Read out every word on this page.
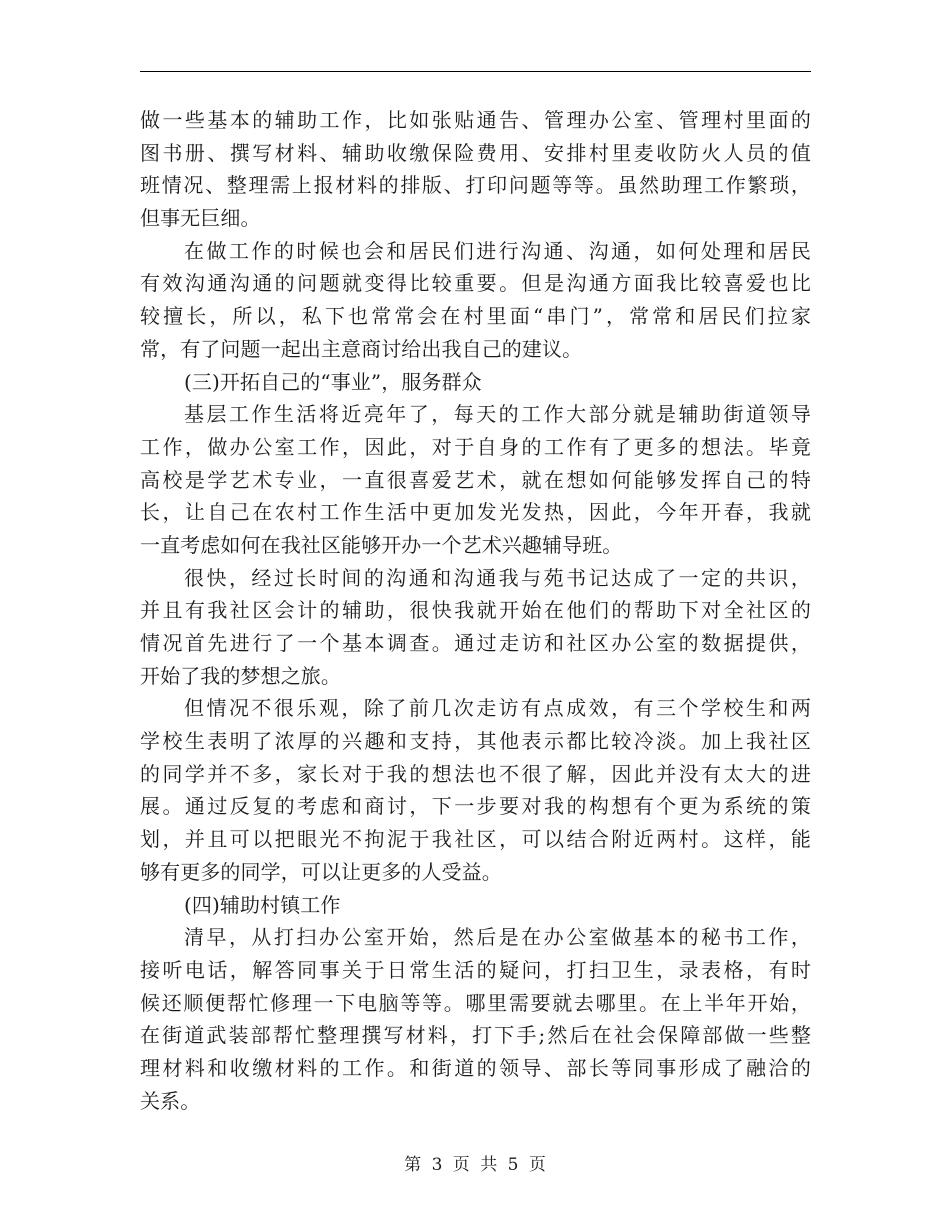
做一些基本的辅助工作，比如张贴通告、管理办公室、管理村里面的
图书册、撰写材料、辅助收缴保险费用、安排村里麦收防火人员的值
班情况、整理需上报材料的排版、打印问题等等。虽然助理工作繁琐，
但事无巨细。
在做工作的时候也会和居民们进行沟通、沟通，如何处理和居民
有效沟通沟通的问题就变得比较重要。但是沟通方面我比较喜爱也比
较擅长，所以，私下也常常会在村里面“串门”，常常和居民们拉家
常，有了问题一起出主意商讨给出我自己的建议。
(三)开拓自己的“事业”，服务群众
基层工作生活将近亮年了，每天的工作大部分就是辅助街道领导
工作，做办公室工作，因此，对于自身的工作有了更多的想法。毕竟
高校是学艺术专业，一直很喜爱艺术，就在想如何能够发挥自己的特
长，让自己在农村工作生活中更加发光发热，因此，今年开春，我就
一直考虑如何在我社区能够开办一个艺术兴趣辅导班。
很快，经过长时间的沟通和沟通我与苑书记达成了一定的共识，
并且有我社区会计的辅助，很快我就开始在他们的帮助下对全社区的
情况首先进行了一个基本调查。通过走访和社区办公室的数据提供，
开始了我的梦想之旅。
但情况不很乐观，除了前几次走访有点成效，有三个学校生和两
学校生表明了浓厚的兴趣和支持，其他表示都比较冷淡。加上我社区
的同学并不多，家长对于我的想法也不很了解，因此并没有太大的进
展。通过反复的考虑和商讨，下一步要对我的构想有个更为系统的策
划，并且可以把眼光不拘泥于我社区，可以结合附近两村。这样，能
够有更多的同学，可以让更多的人受益。
(四)辅助村镇工作
清早，从打扫办公室开始，然后是在办公室做基本的秘书工作，
接听电话，解答同事关于日常生活的疑问，打扫卫生，录表格，有时
候还顺便帮忙修理一下电脑等等。哪里需要就去哪里。在上半年开始，
在街道武装部帮忙整理撰写材料，打下手;然后在社会保障部做一些整
理材料和收缴材料的工作。和街道的领导、部长等同事形成了融洽的
关系。
第 3 页 共 5 页
